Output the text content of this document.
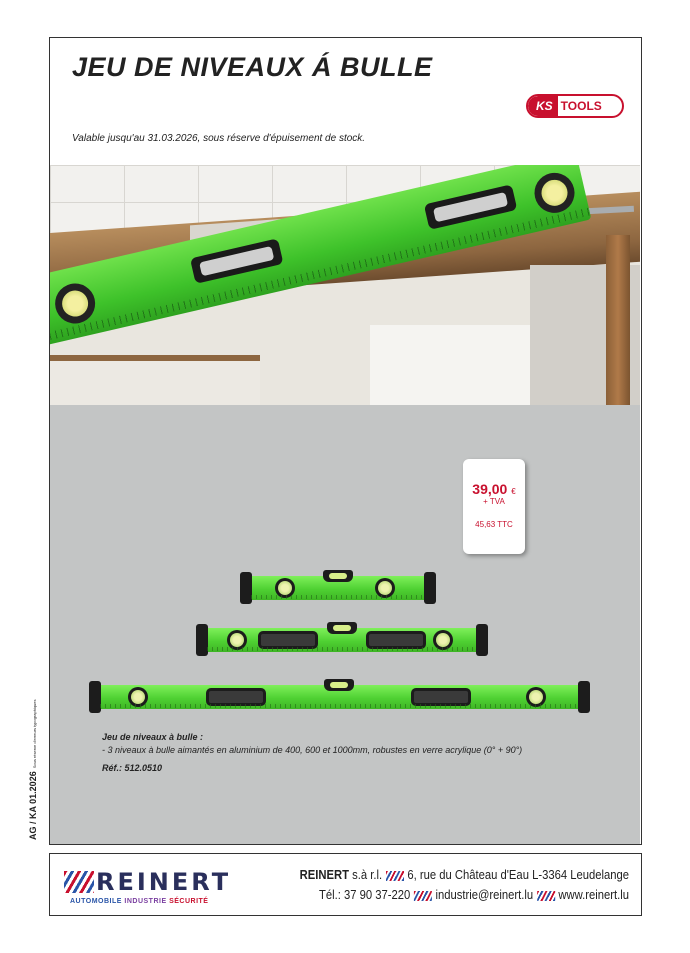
JEU DE NIVEAUX Á BULLE
KS TOOLS
Valable jusqu'au 31.03.2026, sous réserve d'épuisement de stock.
39,00 €
+ TVA
45,63 TTC
Jeu de niveaux à bulle :
- 3 niveaux à bulle aimantés en aluminium de 400, 600 et 1000mm, robustes en verre acrylique (0° + 90°)
Réf.: 512.0510
AG / KA 01.2026Sous réserve d'erreurs typographiques
REINERT
AUTOMOBILE INDUSTRIE SÉCURITÉ
REINERT s.à r.l. 6, rue du Château d'Eau L-3364 Leudelange
Tél.: 37 90 37-220 industrie@reinert.lu www.reinert.lu
